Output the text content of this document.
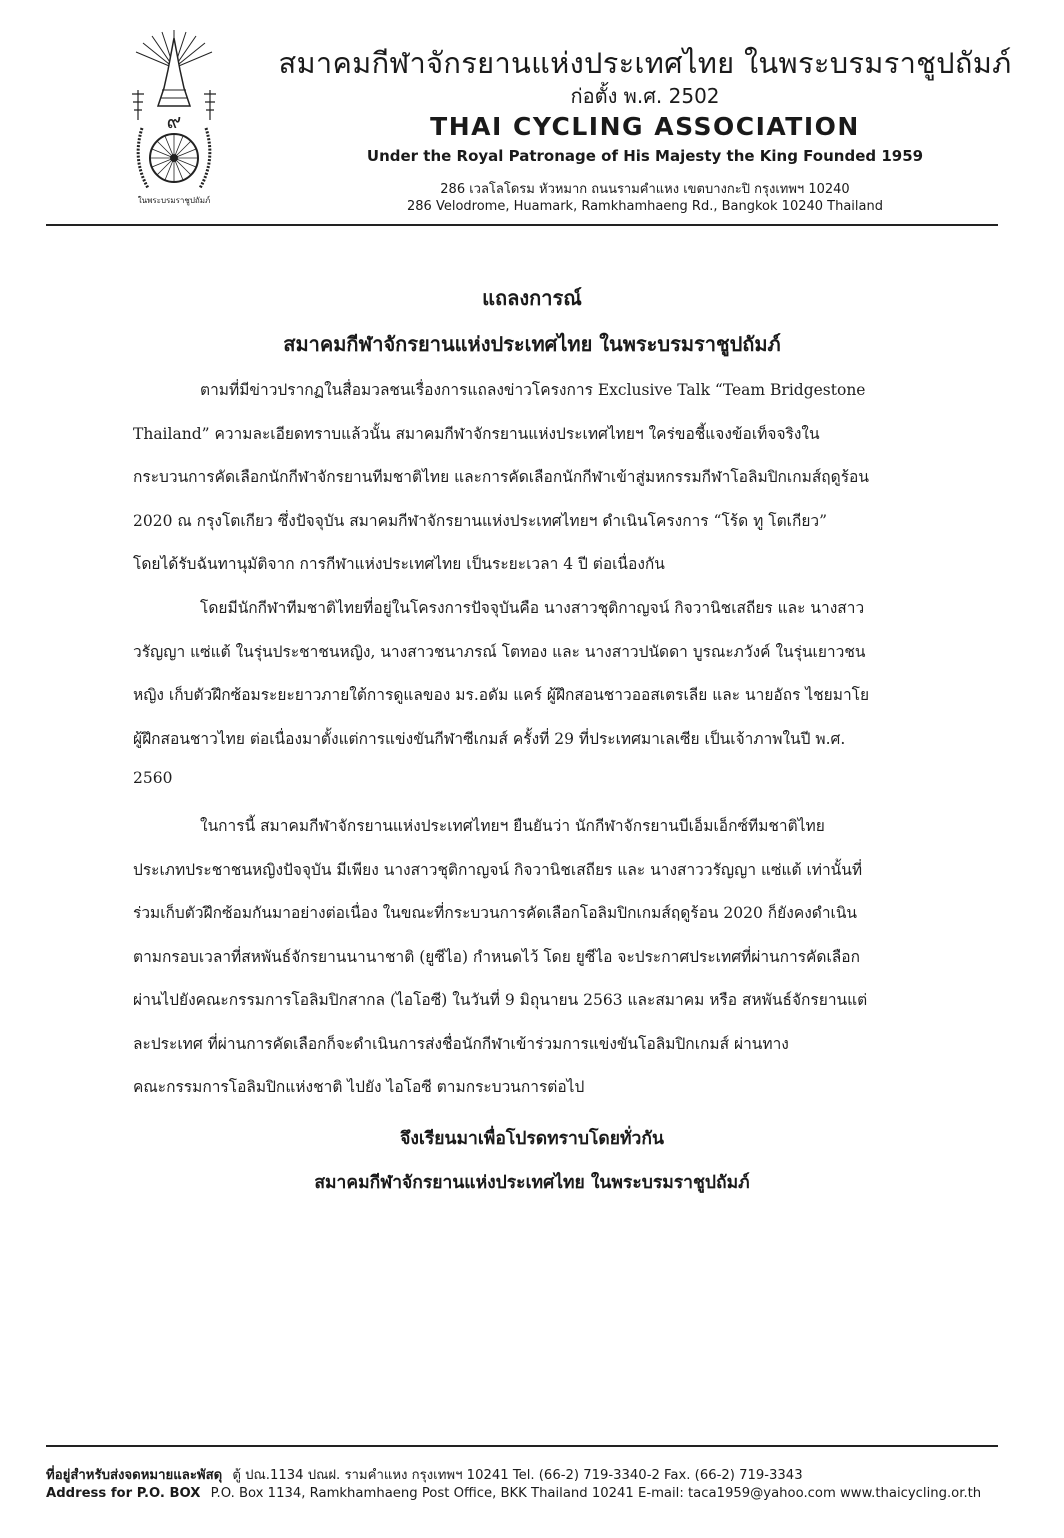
๙
ในพระบรมราชูปถัมภ์
สมาคมกีฬาจักรยานแห่งประเทศไทย ในพระบรมราชูปถัมภ์
ก่อตั้ง พ.ศ. 2502
THAI CYCLING ASSOCIATION
Under the Royal Patronage of His Majesty the King Founded 1959
286 เวลโลโดรม หัวหมาก ถนนรามคำแหง เขตบางกะปิ กรุงเทพฯ 10240
286 Velodrome, Huamark, Ramkhamhaeng Rd., Bangkok 10240 Thailand
แถลงการณ์
สมาคมกีฬาจักรยานแห่งประเทศไทย ในพระบรมราชูปถัมภ์
ตามที่มีข่าวปรากฏในสื่อมวลชนเรื่องการแถลงข่าวโครงการ Exclusive Talk “Team Bridgestone
Thailand” ความละเอียดทราบแล้วนั้น สมาคมกีฬาจักรยานแห่งประเทศไทยฯ ใคร่ขอชี้แจงข้อเท็จจริงใน
กระบวนการคัดเลือกนักกีฬาจักรยานทีมชาติไทย และการคัดเลือกนักกีฬาเข้าสู่มหกรรมกีฬาโอลิมปิกเกมส์ฤดูร้อน
2020 ณ กรุงโตเกียว ซึ่งปัจจุบัน สมาคมกีฬาจักรยานแห่งประเทศไทยฯ ดำเนินโครงการ “โร้ด ทู โตเกียว”
โดยได้รับฉันทานุมัติจาก การกีฬาแห่งประเทศไทย เป็นระยะเวลา 4 ปี ต่อเนื่องกัน
โดยมีนักกีฬาทีมชาติไทยที่อยู่ในโครงการปัจจุบันคือ นางสาวชุติกาญจน์ กิจวานิชเสถียร และ นางสาว
วรัญญา แซ่แต้ ในรุ่นประชาชนหญิง, นางสาวชนาภรณ์ โตทอง และ นางสาวปนัดดา บูรณะภวังค์ ในรุ่นเยาวชน
หญิง เก็บตัวฝึกซ้อมระยะยาวภายใต้การดูแลของ มร.อดัม แคร์ ผู้ฝึกสอนชาวออสเตรเลีย และ นายอัถร ไชยมาโย
ผู้ฝึกสอนชาวไทย ต่อเนื่องมาตั้งแต่การแข่งขันกีฬาซีเกมส์ ครั้งที่ 29 ที่ประเทศมาเลเซีย เป็นเจ้าภาพในปี พ.ศ.
2560
ในการนี้ สมาคมกีฬาจักรยานแห่งประเทศไทยฯ ยืนยันว่า นักกีฬาจักรยานบีเอ็มเอ็กซ์ทีมชาติไทย
ประเภทประชาชนหญิงปัจจุบัน มีเพียง นางสาวชุติกาญจน์ กิจวานิชเสถียร และ นางสาววรัญญา แซ่แต้ เท่านั้นที่
ร่วมเก็บตัวฝึกซ้อมกันมาอย่างต่อเนื่อง ในขณะที่กระบวนการคัดเลือกโอลิมปิกเกมส์ฤดูร้อน 2020 ก็ยังคงดำเนิน
ตามกรอบเวลาที่สหพันธ์จักรยานนานาชาติ (ยูซีไอ) กำหนดไว้ โดย ยูซีไอ จะประกาศประเทศที่ผ่านการคัดเลือก
ผ่านไปยังคณะกรรมการโอลิมปิกสากล (ไอโอซี) ในวันที่ 9 มิถุนายน 2563 และสมาคม หรือ สหพันธ์จักรยานแต่
ละประเทศ ที่ผ่านการคัดเลือกก็จะดำเนินการส่งชื่อนักกีฬาเข้าร่วมการแข่งขันโอลิมปิกเกมส์ ผ่านทาง
คณะกรรมการโอลิมปิกแห่งชาติ ไปยัง ไอโอซี ตามกระบวนการต่อไป
จึงเรียนมาเพื่อโปรดทราบโดยทั่วกัน
สมาคมกีฬาจักรยานแห่งประเทศไทย ในพระบรมราชูปถัมภ์
ที่อยู่สำหรับส่งจดหมายและพัสดุ ตู้ ปณ.1134 ปณฝ. รามคำแหง กรุงเทพฯ 10241 Tel. (66-2) 719-3340-2 Fax. (66-2) 719-3343
Address for P.O. BOX P.O. Box 1134, Ramkhamhaeng Post Office, BKK Thailand 10241 E-mail: taca1959@yahoo.com www.thaicycling.or.th
